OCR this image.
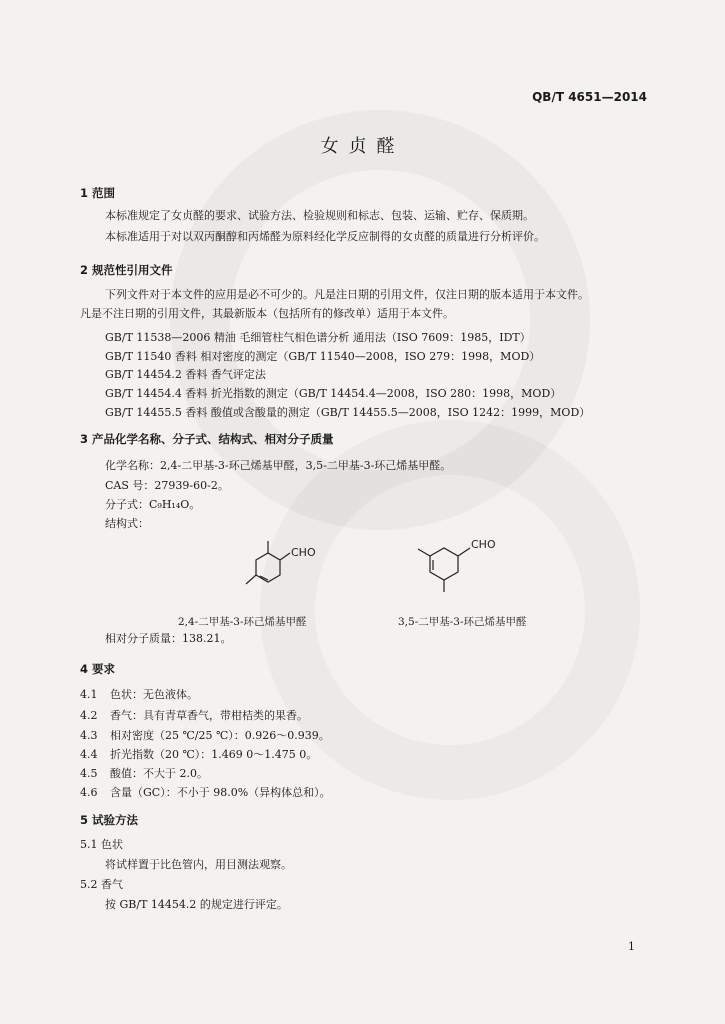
QB/T 4651—2014
女贞醛
1 范围
本标准规定了女贞醛的要求、试验方法、检验规则和标志、包装、运输、贮存、保质期。
本标准适用于对以双丙酮醇和丙烯醛为原料经化学反应制得的女贞醛的质量进行分析评价。
2 规范性引用文件
下列文件对于本文件的应用是必不可少的。凡是注日期的引用文件，仅注日期的版本适用于本文件。
凡是不注日期的引用文件，其最新版本（包括所有的修改单）适用于本文件。
GB/T 11538—2006 精油 毛细管柱气相色谱分析 通用法（ISO 7609：1985，IDT）
GB/T 11540 香料 相对密度的测定（GB/T 11540—2008，ISO 279：1998，MOD）
GB/T 14454.2 香料 香气评定法
GB/T 14454.4 香料 折光指数的测定（GB/T 14454.4—2008，ISO 280：1998，MOD）
GB/T 14455.5 香料 酸值或含酸量的测定（GB/T 14455.5—2008，ISO 1242：1999，MOD）
3 产品化学名称、分子式、结构式、相对分子质量
化学名称：2,4-二甲基-3-环己烯基甲醛，3,5-二甲基-3-环己烯基甲醛。
CAS 号：27939-60-2。
分子式：C₉H₁₄O。
结构式：
CHO
CHO
2,4-二甲基-3-环己烯基甲醛	3,5-二甲基-3-环己烯基甲醛
相对分子质量：138.21。
4 要求
4.1 色状：无色液体。
4.2 香气：具有青草香气，带柑桔类的果香。
4.3 相对密度（25 ℃/25 ℃）：0.926～0.939。
4.4 折光指数（20 ℃）：1.469 0～1.475 0。
4.5 酸值：不大于 2.0。
4.6 含量（GC）：不小于 98.0%（异构体总和）。
5 试验方法
5.1 色状
将试样置于比色管内，用目测法观察。
5.2 香气
按 GB/T 14454.2 的规定进行评定。
1
